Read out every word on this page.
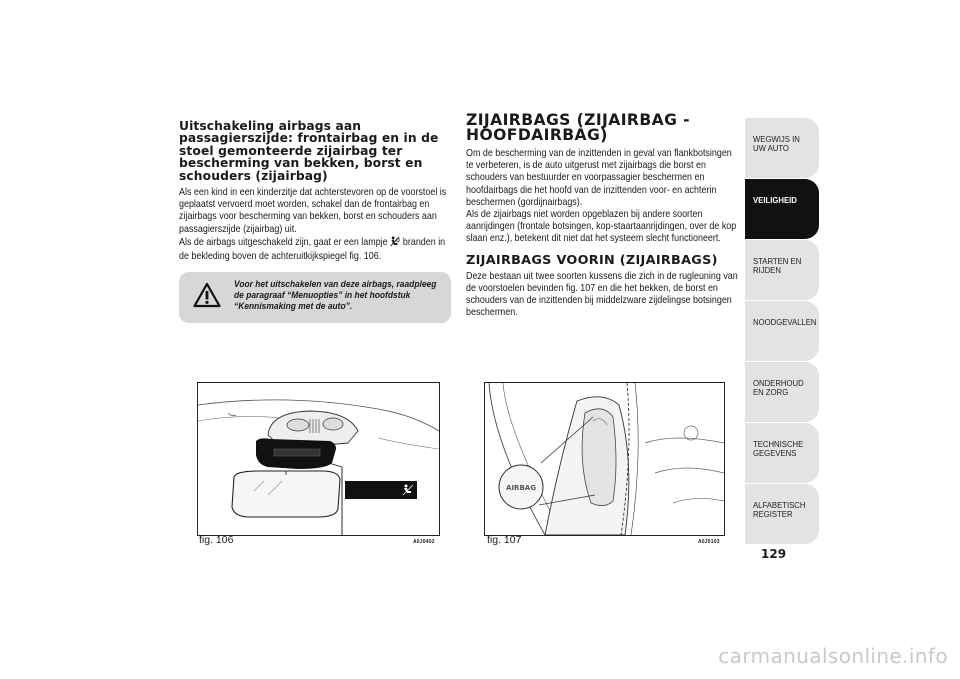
Uitschakeling airbags aan passagierszijde: frontairbag en in de stoel gemonteerde zijairbag ter bescherming van bekken, borst en schouders (zijairbag)

Als een kind in een kinderzitje dat achterstevoren op de voorstoel is geplaatst vervoerd moet worden, schakel dan de frontairbag en zijairbags voor bescherming van bekken, borst en schouders aan passagierszijde (zijairbag) uit.

Als de airbags uitgeschakeld zijn, gaat er een lampje branden in de bekleding boven de achteruitkijkspiegel fig. 106.

Voor het uitschakelen van deze airbags, raadpleeg de paragraaf “Menuopties” in het hoofdstuk “Kennismaking met de auto”.
ZIJAIRBAGS (ZIJAIRBAG - HOOFDAIRBAG)

Om de bescherming van de inzittenden in geval van flankbotsingen te verbeteren, is de auto uitgerust met zijairbags die borst en schouders van bestuurder en voorpassagier beschermen en hoofdairbags die het hoofd van de inzittenden voor- en achterin beschermen (gordijnairbags).

Als de zijairbags niet worden opgeblazen bij andere soorten aanrijdingen (frontale botsingen, kop-staartaanrijdingen, over de kop slaan enz.), betekent dit niet dat het systeem slecht functioneert.

ZIJAIRBAGS VOORIN (ZIJAIRBAGS)

Deze bestaan uit twee soorten kussens die zich in de rugleuning van de voorstoelen bevinden fig. 107 en die het bekken, de borst en schouders van de inzittenden bij middelzware zijdelingse botsingen beschermen.

fig. 106	A0J0402
AIRBAG
fig. 107	A0J0103
WEGWIJS IN UW AUTO
VEILIGHEID
STARTEN EN RIJDEN
NOODGEVALLEN
ONDERHOUD EN ZORG
TECHNISCHE GEGEVENS
ALFABETISCH REGISTER
129
carmanualsonline.info
